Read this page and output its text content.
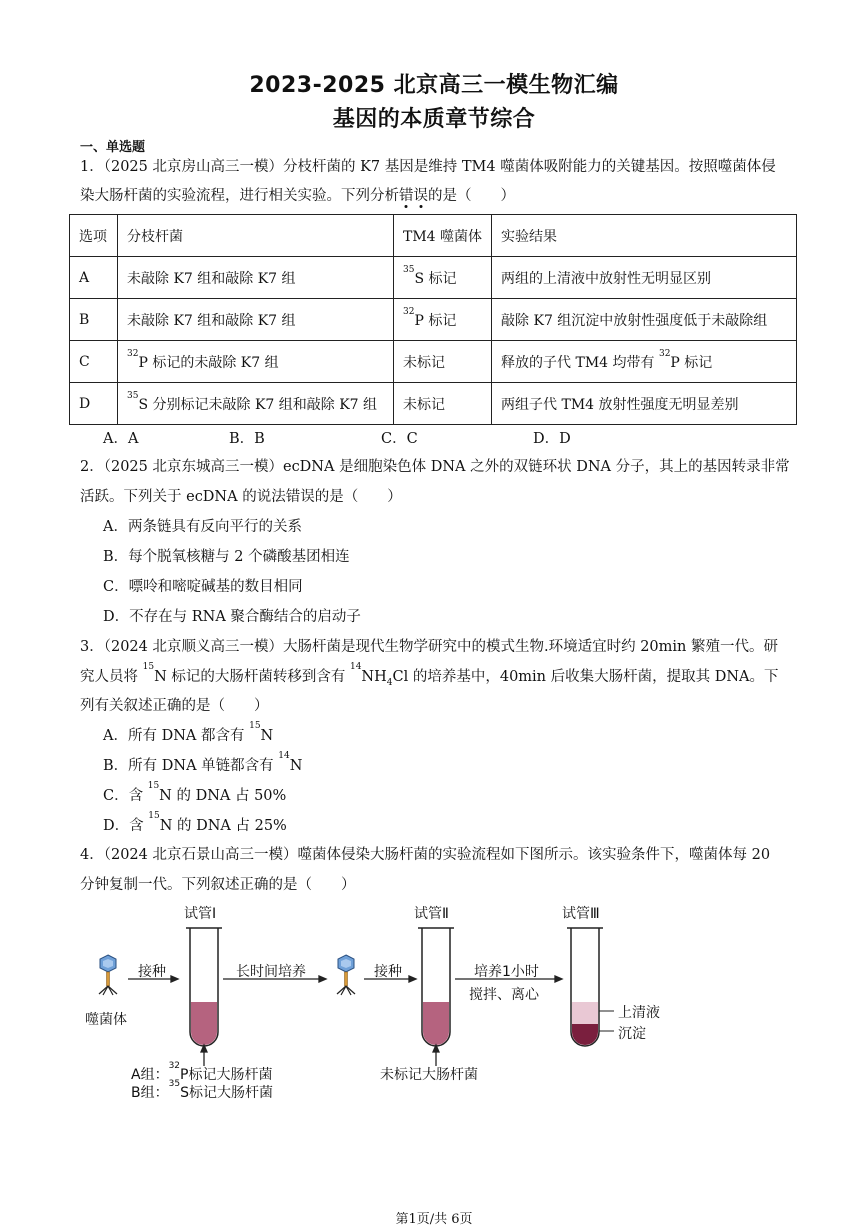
2023-2025 北京高三一模生物汇编
基因的本质章节综合
一、单选题
1．（2025 北京房山高三一模）分枝杆菌的 K7 基因是维持 TM4 噬菌体吸附能力的关键基因。按照噬菌体侵
染大肠杆菌的实验流程，进行相关实验。下列分析错误的是（　　）
选项	分枝杆菌	TM4 噬菌体	实验结果
A	未敲除 K7 组和敲除 K7 组	$^{35}$S 标记	两组的上清液中放射性无明显区别
B	未敲除 K7 组和敲除 K7 组	$^{32}$P 标记	敲除 K7 组沉淀中放射性强度低于未敲除组
C	$^{32}$P 标记的未敲除 K7 组	未标记	释放的子代 TM4 均带有 $^{32}$P 标记
D	$^{35}$S 分别标记未敲除 K7 组和敲除 K7 组	未标记	两组子代 TM4 放射性强度无明显差别
A．A	B．B	C．C	D．D
2．（2025 北京东城高三一模）ecDNA 是细胞染色体 DNA 之外的双链环状 DNA 分子，其上的基因转录非常
活跃。下列关于 ecDNA 的说法错误的是（　　）
A．两条链具有反向平行的关系
B．每个脱氧核糖与 2 个磷酸基团相连
C．嘌呤和嘧啶碱基的数目相同
D．不存在与 RNA 聚合酶结合的启动子
3．（2024 北京顺义高三一模）大肠杆菌是现代生物学研究中的模式生物.环境适宜时约 20min 繁殖一代。研
究人员将 $^{15}$N 标记的大肠杆菌转移到含有 $^{14}NH_4Cl$ 的培养基中，40min 后收集大肠杆菌，提取其 DNA。下
列有关叙述正确的是（　　）
A．所有 DNA 都含有 $^{15}$N
B．所有 DNA 单链都含有 $^{14}$N
C．含 $^{15}$N 的 DNA 占 50%
D．含 $^{15}$N 的 DNA 占 25%
4．（2024 北京石景山高三一模）噬菌体侵染大肠杆菌的实验流程如下图所示。该实验条件下，噬菌体每 20
分钟复制一代。下列叙述正确的是（　　）
试管Ⅰ	试管Ⅱ	试管Ⅲ
接种	长时间培养	接种	培养1小时
搅拌、离心
噬菌体	上清液
沉淀
A组：$^{32}$P标记大肠杆菌
B组：$^{35}$S标记大肠杆菌
未标记大肠杆菌
第1页/共 6页
